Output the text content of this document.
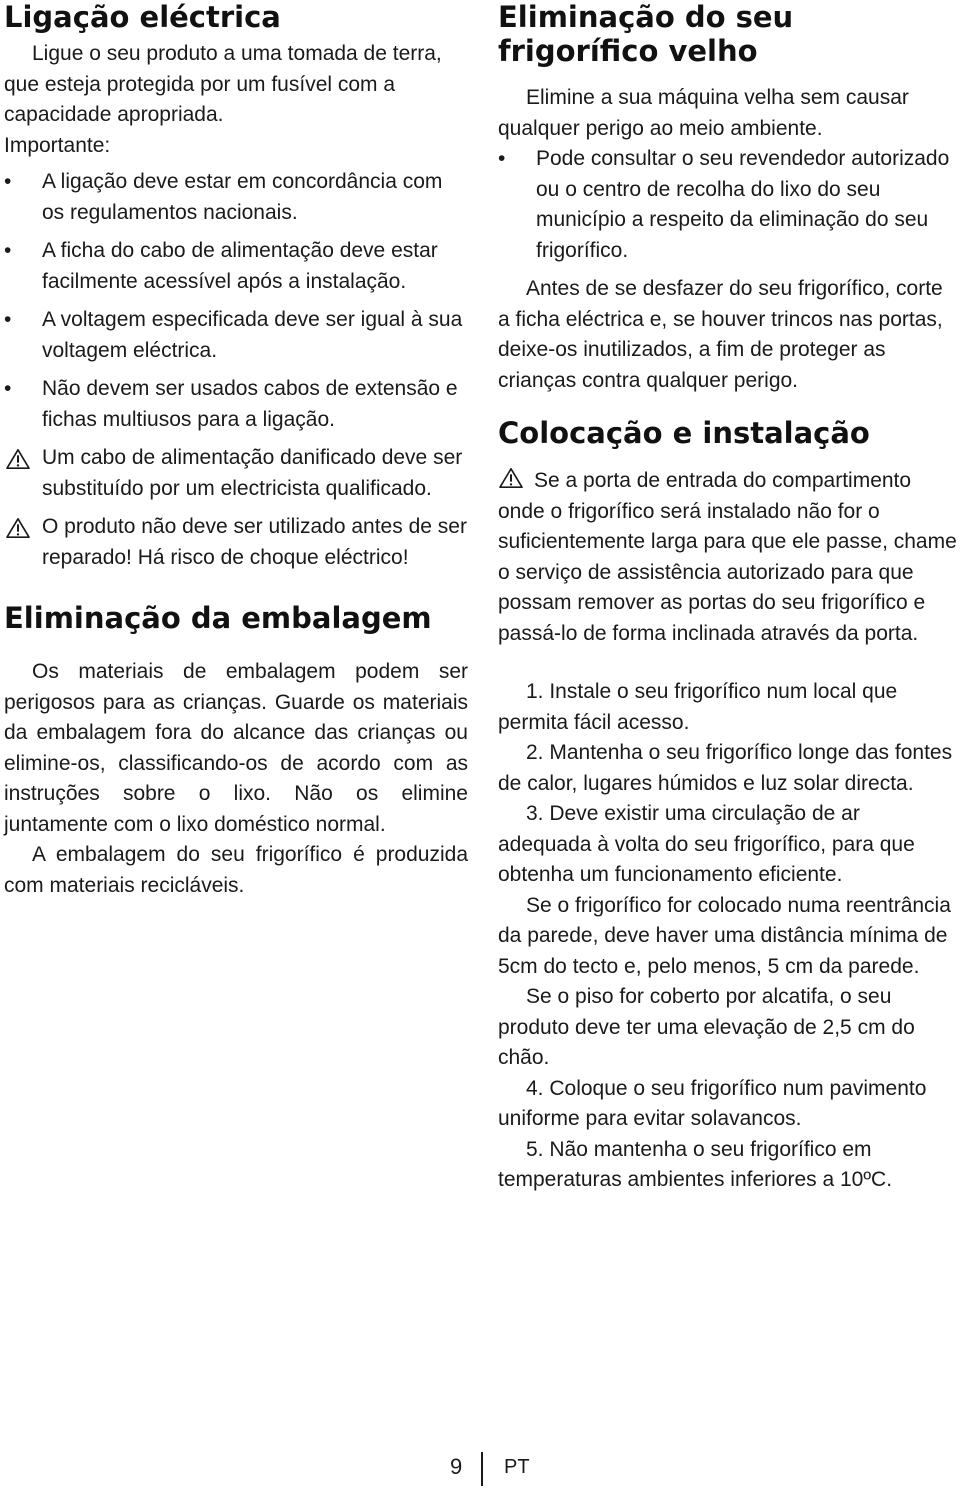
Ligação eléctrica

Ligue o seu produto a uma tomada de terra, que esteja protegida por um fusível com a capacidade apropriada.

Importante:

•	A ligação deve estar em concordância com os regulamentos nacionais.
•	A ficha do cabo de alimentação deve estar facilmente acessível após a instalação.
•	A voltagem especificada deve ser igual à sua voltagem eléctrica.
•	Não devem ser usados cabos de extensão e fichas multiusos para a ligação.
Um cabo de alimentação danificado deve ser substituído por um electricista qualificado.
O produto não deve ser utilizado antes de ser reparado! Há risco de choque eléctrico!
Eliminação da embalagem

Os materiais de embalagem podem ser perigosos para as crianças. Guarde os materiais da embalagem fora do alcance das crianças ou elimine-os, classificando-os de acordo com as instruções sobre o lixo. Não os elimine juntamente com o lixo doméstico normal.

A embalagem do seu frigorífico é produzida com materiais recicláveis.

Eliminação do seu frigorífico velho

Elimine a sua máquina velha sem causar qualquer perigo ao meio ambiente.

•	Pode consultar o seu revendedor autorizado ou o centro de recolha do lixo do seu município a respeito da eliminação do seu frigorífico.

Antes de se desfazer do seu frigorífico, corte a ficha eléctrica e, se houver trincos nas portas, deixe-os inutilizados, a fim de proteger as crianças contra qualquer perigo.

Colocação e instalação

Se a porta de entrada do compartimento onde o frigorífico será instalado não for o suficientemente larga para que ele passe, chame o serviço de assistência autorizado para que possam remover as portas do seu frigorífico e passá-lo de forma inclinada através da porta.

1. Instale o seu frigorífico num local que permita fácil acesso.

2. Mantenha o seu frigorífico longe das fontes de calor, lugares húmidos e luz solar directa.

3. Deve existir uma circulação de ar adequada à volta do seu frigorífico, para que obtenha um funcionamento eficiente.

Se o frigorífico for colocado numa reentrância da parede, deve haver uma distância mínima de 5cm do tecto e, pelo menos, 5 cm da parede.

Se o piso for coberto por alcatifa, o seu produto deve ter uma elevação de 2,5 cm do chão.

4. Coloque o seu frigorífico num pavimento uniforme para evitar solavancos.

5. Não mantenha o seu frigorífico em temperaturas ambientes inferiores a 10ºC.

9 PT
